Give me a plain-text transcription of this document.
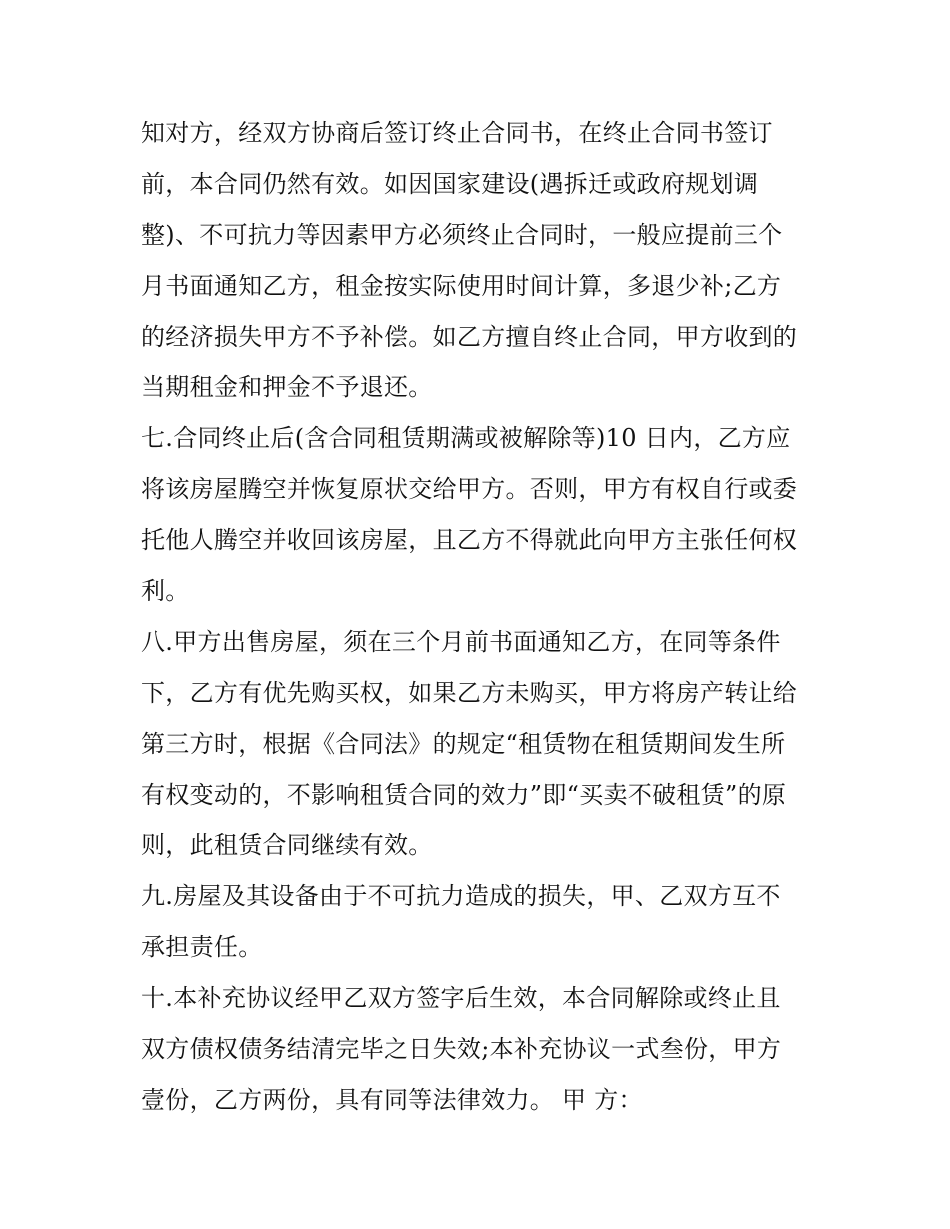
知对方，经双方协商后签订终止合同书，在终止合同书签订
前，本合同仍然有效。如因国家建设(遇拆迁或政府规划调
整)、不可抗力等因素甲方必须终止合同时，一般应提前三个
月书面通知乙方，租金按实际使用时间计算，多退少补;乙方
的经济损失甲方不予补偿。如乙方擅自终止合同，甲方收到的
当期租金和押金不予退还。
七.合同终止后(含合同租赁期满或被解除等)10 日内，乙方应
将该房屋腾空并恢复原状交给甲方。否则，甲方有权自行或委
托他人腾空并收回该房屋，且乙方不得就此向甲方主张任何权
利。
八.甲方出售房屋，须在三个月前书面通知乙方，在同等条件
下，乙方有优先购买权，如果乙方未购买，甲方将房产转让给
第三方时，根据《合同法》的规定“租赁物在租赁期间发生所
有权变动的，不影响租赁合同的效力”即“买卖不破租赁”的原
则，此租赁合同继续有效。
九.房屋及其设备由于不可抗力造成的损失，甲、乙双方互不
承担责任。
十.本补充协议经甲乙双方签字后生效，本合同解除或终止且
双方债权债务结清完毕之日失效;本补充协议一式叁份，甲方
壹份，乙方两份，具有同等法律效力。 甲 方：
